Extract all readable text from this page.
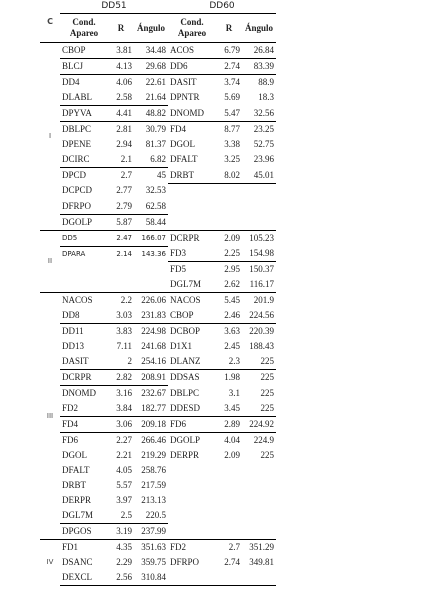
C	DD51			DD60		
	Cond.
Apareo	R	Ángulo	Cond.
Apareo	R	Ángulo
I	CBOP	3.81	34.48	ACOS	6.79	26.84
	BLCJ	4.13	29.68	DD6	2.74	83.39
	DD4	4.06	22.61	DASIT	3.74	88.9
	DLABL	2.58	21.64	DPNTR	5.69	18.3
	DPYVA	4.41	48.82	DNOMD	5.47	32.56
	DBLPC	2.81	30.79	FD4	8.77	23.25
	DPENE	2.94	81.37	DGOL	3.38	52.75
	DCIRC	2.1	6.82	DFALT	3.25	23.96
	DPCD	2.7	45	DRBT	8.02	45.01
	DCPCD	2.77	32.53			
	DFRPO	2.79	62.58			
	DGOLP	5.87	58.44			
II	DD5	2.47	166.07	DCRPR	2.09	105.23
	DPARA	2.14	143.36	FD3	2.25	154.98
				FD5	2.95	150.37
				DGL7M	2.62	116.17
III	NACOS	2.2	226.06	NACOS	5.45	201.9
	DD8	3.03	231.83	CBOP	2.46	224.56
	DD11	3.83	224.98	DCBOP	3.63	220.39
	DD13	7.11	241.68	D1X1	2.45	188.43
	DASIT	2	254.16	DLANZ	2.3	225
	DCRPR	2.82	208.91	DDSAS	1.98	225
	DNOMD	3.16	232.67	DBLPC	3.1	225
	FD2	3.84	182.77	DDESD	3.45	225
	FD4	3.06	209.18	FD6	2.89	224.92
	FD6	2.27	266.46	DGOLP	4.04	224.9
	DGOL	2.21	219.29	DERPR	2.09	225
	DFALT	4.05	258.76			
	DRBT	5.57	217.59			
	DERPR	3.97	213.13			
	DGL7M	2.5	220.5			
	DPGOS	3.19	237.99			
IV	FD1	4.35	351.63	FD2	2.7	351.29
	DSANC	2.29	359.75	DFRPO	2.74	349.81
	DEXCL	2.56	310.84			
